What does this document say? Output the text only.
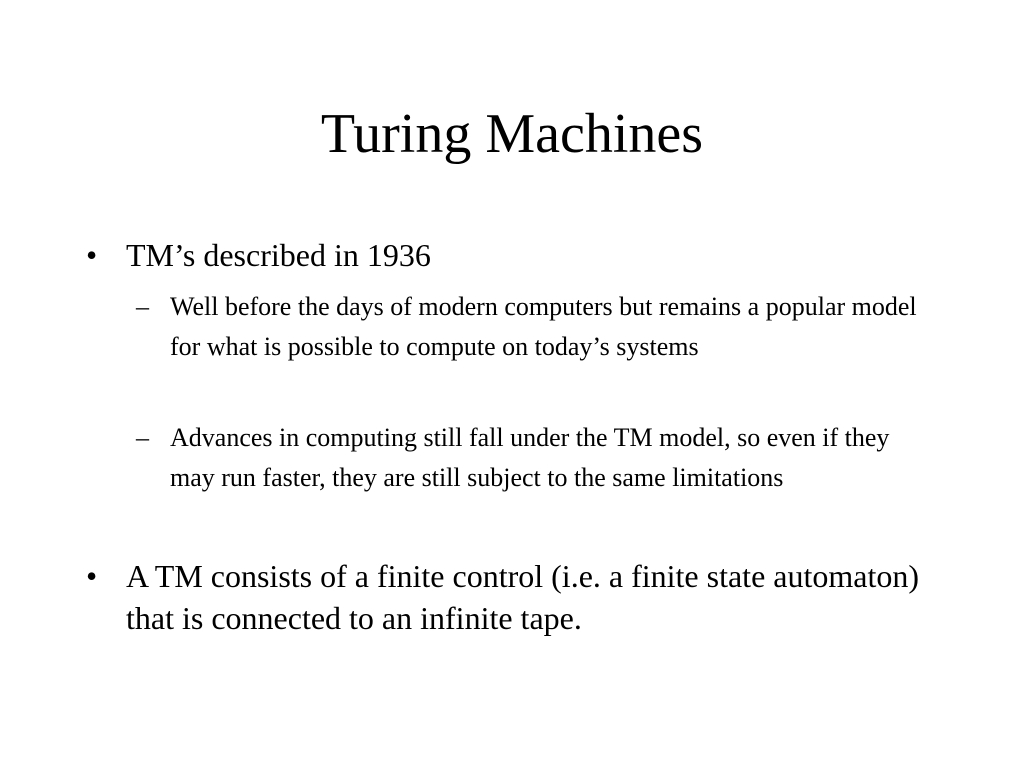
Turing Machines
• TM’s described in 1936
– Well before the days of modern computers but remains a popular model for what is possible to compute on today’s systems
– Advances in computing still fall under the TM model, so even if they may run faster, they are still subject to the same limitations
• A TM consists of a finite control (i.e. a finite state automaton) that is connected to an infinite tape.
